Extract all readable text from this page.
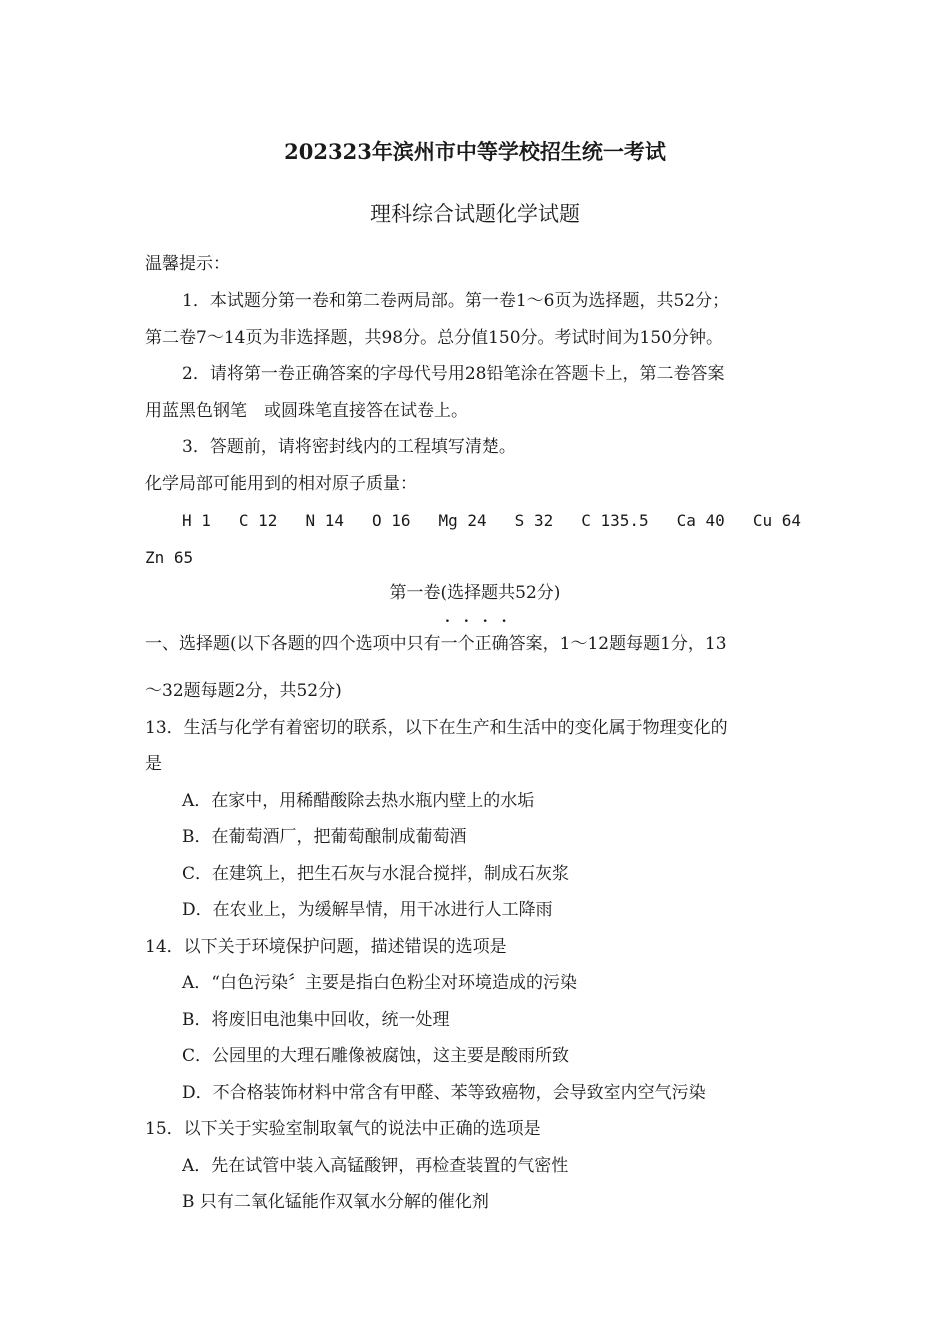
202323年滨州市中等学校招生统一考试
理科综合试题化学试题
温馨提示：
1．本试题分第一卷和第二卷两局部。第一卷1～6页为选择题，共52分；
第二卷7～14页为非选择题，共98分。总分值150分。考试时间为150分钟。
2．请将第一卷正确答案的字母代号用28铅笔涂在答题卡上，第二卷答案
用蓝黑色钢笔　或圆珠笔直接答在试卷上。
3．答题前，请将密封线内的工程填写清楚。
化学局部可能用到的相对原子质量：
H 1 C 12 N 14 O 16 Mg 24 S 32 C 135.5 Ca 40 Cu 64
Zn 65
第一卷(选择题共52分)
....
一、选择题(以下各题的四个选项中只有一个正确答案，1～12题每题1分，13
～32题每题2分，共52分)
13．生活与化学有着密切的联系，以下在生产和生活中的变化属于物理变化的
是
A．在家中，用稀醋酸除去热水瓶内壁上的水垢
B．在葡萄酒厂，把葡萄酿制成葡萄酒
C．在建筑上，把生石灰与水混合搅拌，制成石灰浆
D．在农业上，为缓解旱情，用干冰进行人工降雨
14．以下关于环境保护问题，描述错误的选项是
A．“白色污染〞主要是指白色粉尘对环境造成的污染
B．将废旧电池集中回收，统一处理
C．公园里的大理石雕像被腐蚀，这主要是酸雨所致
D．不合格装饰材料中常含有甲醛、苯等致癌物，会导致室内空气污染
15．以下关于实验室制取氧气的说法中正确的选项是
A．先在试管中装入高锰酸钾，再检查装置的气密性
B 只有二氧化锰能作双氧水分解的催化剂
